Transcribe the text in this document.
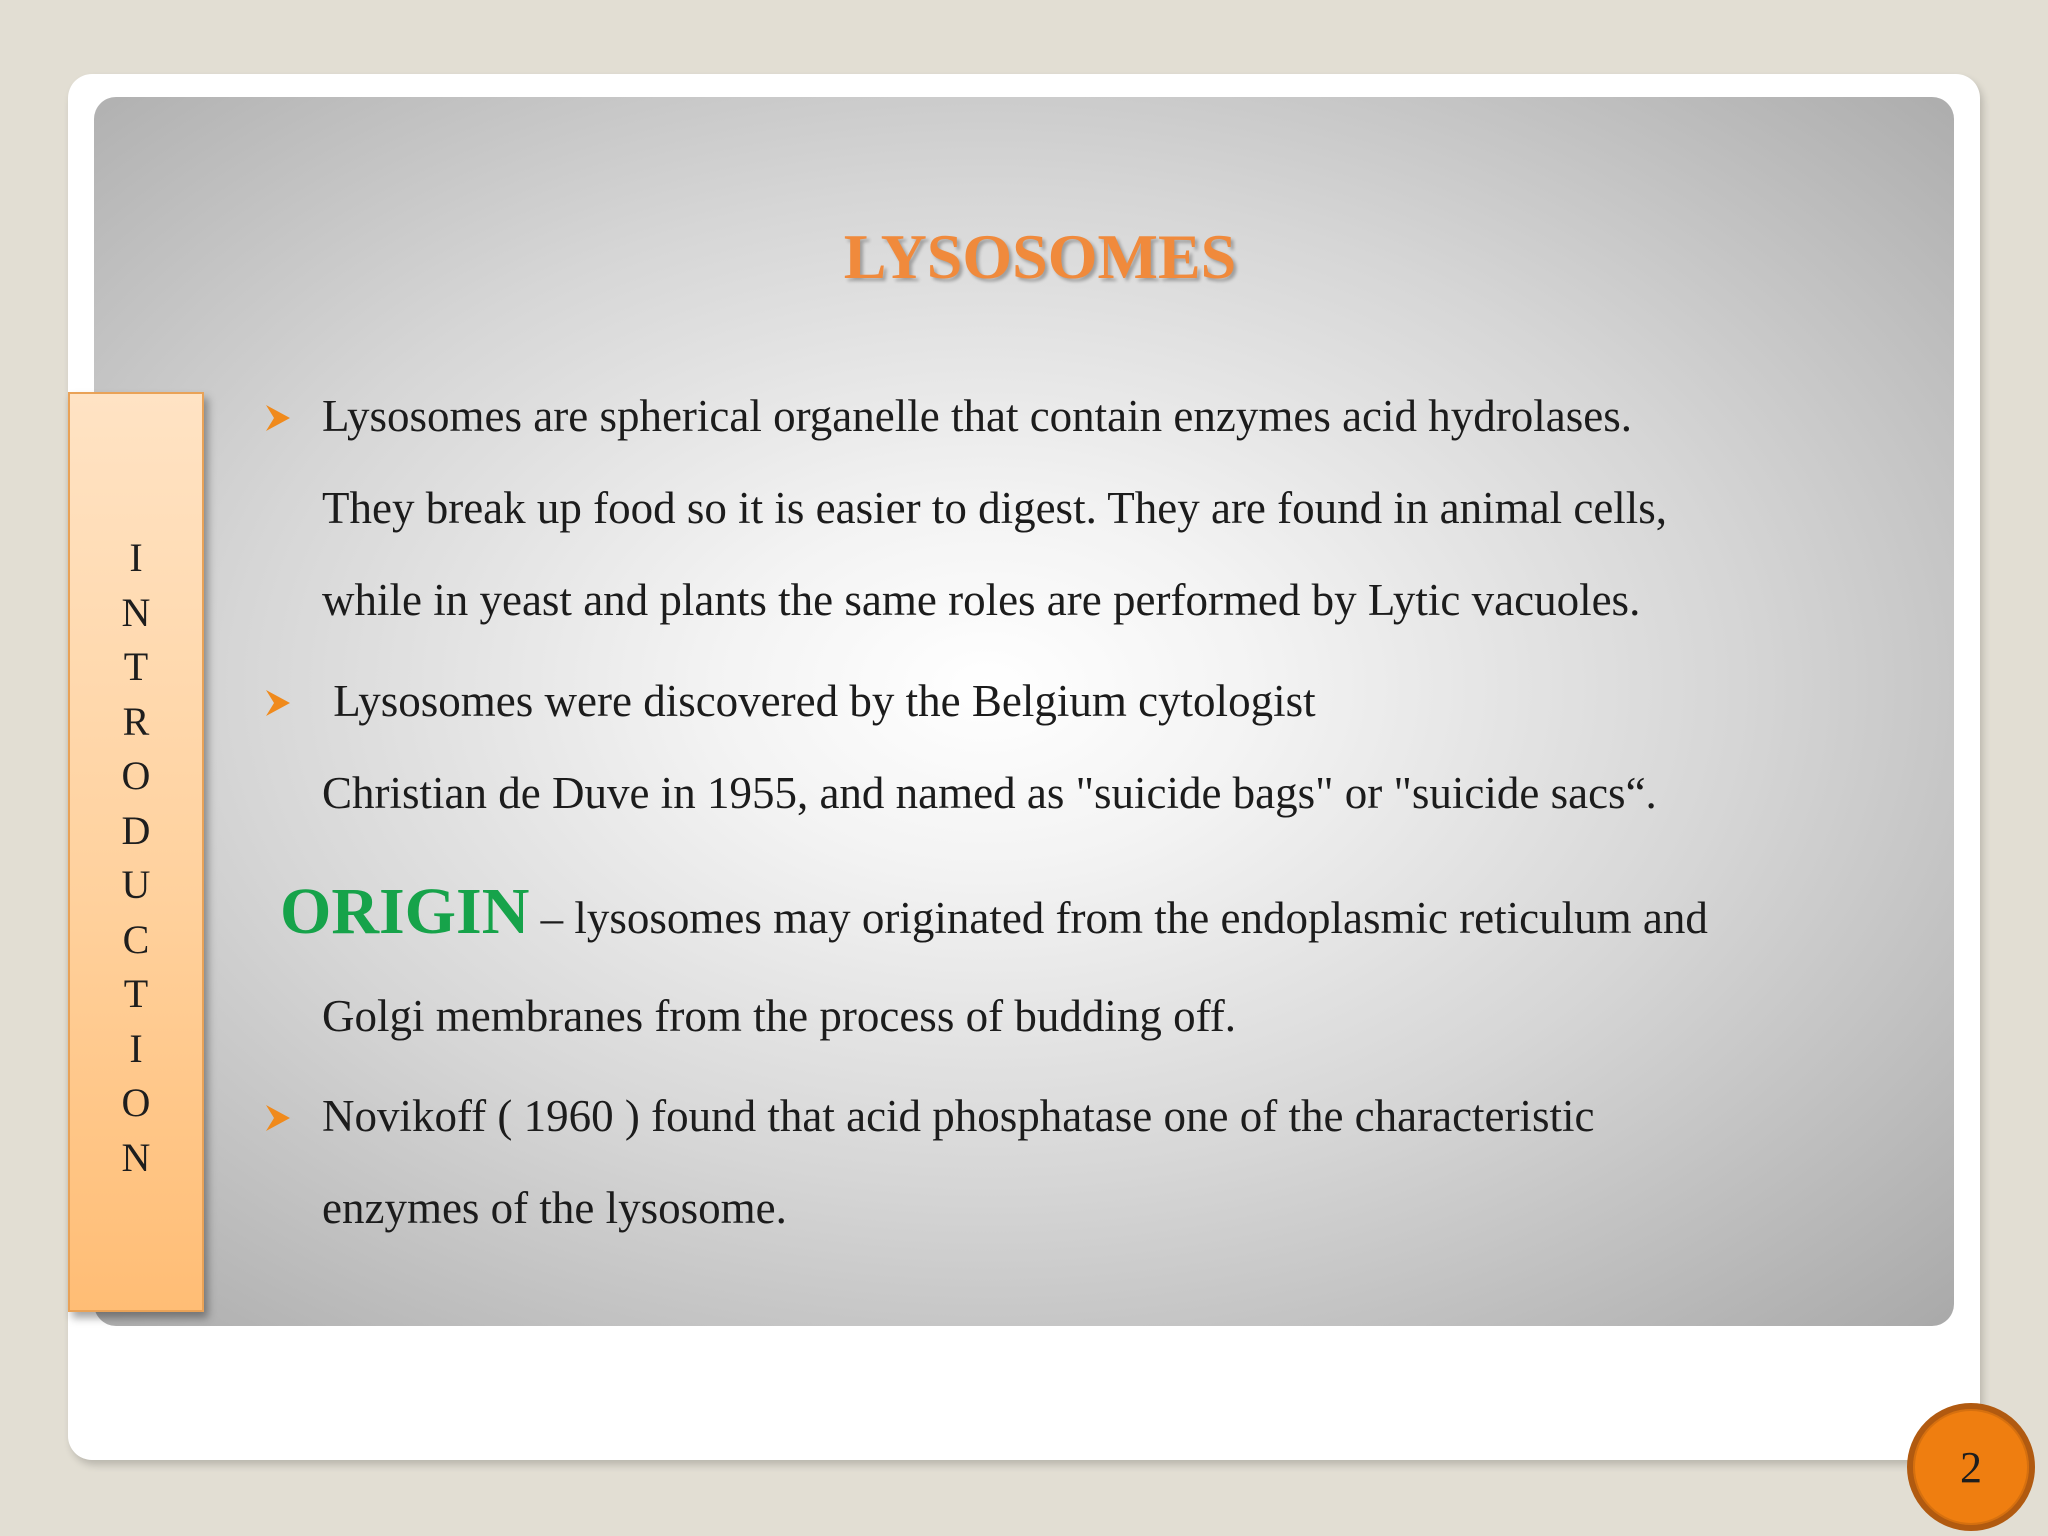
I
N
T
R
O
D
U
C
T
I
O
N
LYSOSOMES
Lysosomes are spherical organelle that contain enzymes acid hydrolases.
They break up food so it is easier to digest. They are found in animal cells,
while in yeast and plants the same roles are performed by Lytic vacuoles.
Lysosomes were discovered by the Belgium cytologist
Christian de Duve in 1955, and named as "suicide bags" or "suicide sacs“.
ORIGIN – lysosomes may originated from the endoplasmic reticulum and
Golgi membranes from the process of budding off.
Novikoff ( 1960 ) found that acid phosphatase one of the characteristic
enzymes of the lysosome.
2
